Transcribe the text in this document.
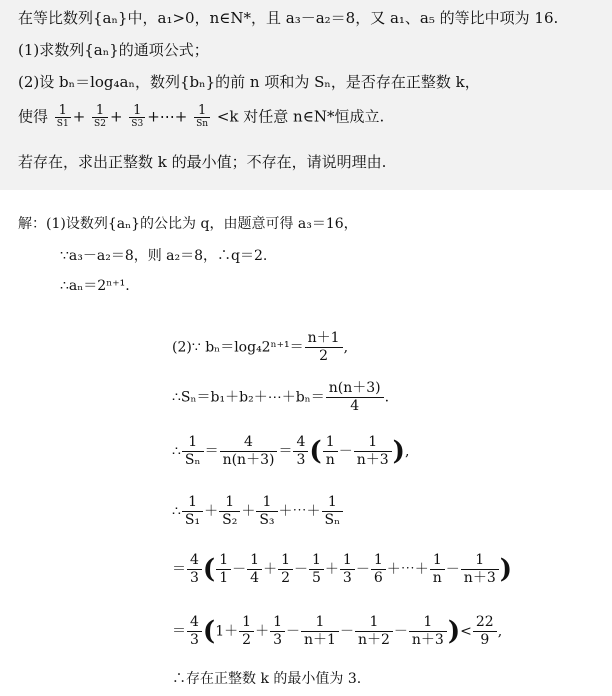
在等比数列{aₙ}中，a₁>0，n∈N*，且 a₃－a₂＝8，又 a₁、a₅ 的等比中项为 16.
(1)求数列{aₙ}的通项公式；
(2)设 bₙ＝log₄aₙ，数列{bₙ}的前 n 项和为 Sₙ，是否存在正整数 k，
使得 $\frac{1}{S1} + \frac{1}{S2} + \frac{1}{S3}$ +⋯+ $\frac{1}{Sn} <k$ 对任意 n∈N*恒成立.
若存在，求出正整数 k 的最小值；不存在，请说明理由.
解：(1)设数列{aₙ}的公比为 q，由题意可得 a₃＝16，
∵a₃－a₂＝8，则 a₂＝8，∴q＝2.
∴aₙ＝2ⁿ⁺¹.
(2)∵ $b_n=\log_42^{n+1}= \frac{n+1}{2}$ ,
∴Sₙ＝b₁＋b₂＋⋯＋bₙ＝ $\frac{n(n+3)}{4}$ .
∴ $\frac{1}{\text{Sₙ}} = \frac{4}{n(n+3)} = \frac{4}{3}$ ( $\frac{1}{n} - \frac{1}{n+3}$ ),
∴ $\frac{1}{\text{S₁}} + \frac{1}{\text{S₂}} + \frac{1}{\text{S₃}}$ ＋⋯＋ $\frac{1}{\text{Sₙ}}$
＝ $\frac{4}{3}$ ( $\frac{1}{1} - \frac{1}{4} + \frac{1}{2} - \frac{1}{5} + \frac{1}{3} - \frac{1}{6}$ ＋⋯＋ $\frac{1}{n} - \frac{1}{n+3}$ )
＝ $\frac{4}{3} (1+ \frac{1}{2} + \frac{1}{3} - \frac{1}{n+1} - \frac{1}{n+2} - \frac{1}{n+3}$ )< $\frac{22}{9}$ ,
∴存在正整数 k 的最小值为 3.
